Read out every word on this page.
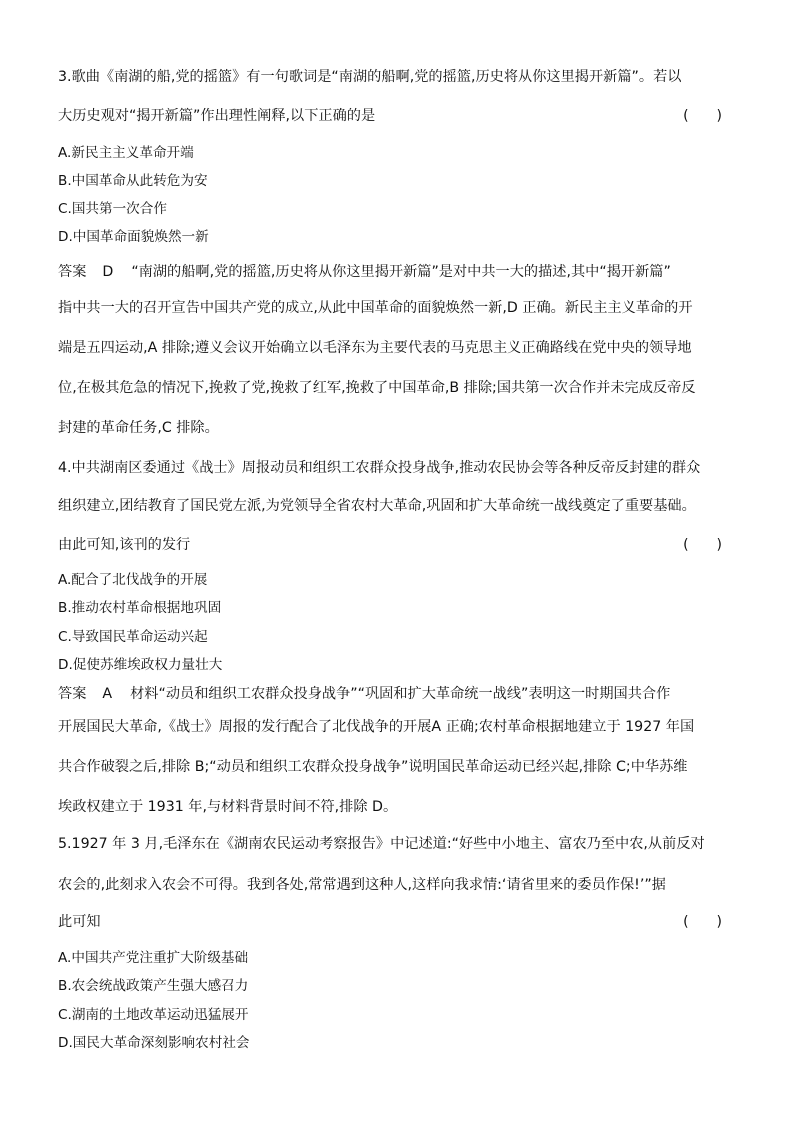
3.歌曲《南湖的船,党的摇篮》有一句歌词是“南湖的船啊,党的摇篮,历史将从你这里揭开新篇”。若以
大历史观对“揭开新篇”作出理性阐释,以下正确的是	(　　)
A.新民主主义革命开端
B.中国革命从此转危为安
C.国共第一次合作
D.中国革命面貌焕然一新
答案 D “南湖的船啊,党的摇篮,历史将从你这里揭开新篇”是对中共一大的描述,其中“揭开新篇”
指中共一大的召开宣告中国共产党的成立,从此中国革命的面貌焕然一新,D 正确。新民主主义革命的开
端是五四运动,A 排除;遵义会议开始确立以毛泽东为主要代表的马克思主义正确路线在党中央的领导地
位,在极其危急的情况下,挽救了党,挽救了红军,挽救了中国革命,B 排除;国共第一次合作并未完成反帝反
封建的革命任务,C 排除。
4.中共湖南区委通过《战士》周报动员和组织工农群众投身战争,推动农民协会等各种反帝反封建的群众
组织建立,团结教育了国民党左派,为党领导全省农村大革命,巩固和扩大革命统一战线奠定了重要基础。
由此可知,该刊的发行	(　　)
A.配合了北伐战争的开展
B.推动农村革命根据地巩固
C.导致国民革命运动兴起
D.促使苏维埃政权力量壮大
答案 A 材料“动员和组织工农群众投身战争”“巩固和扩大革命统一战线”表明这一时期国共合作
开展国民大革命,《战士》周报的发行配合了北伐战争的开展A 正确;农村革命根据地建立于 1927 年国
共合作破裂之后,排除 B;“动员和组织工农群众投身战争”说明国民革命运动已经兴起,排除 C;中华苏维
埃政权建立于 1931 年,与材料背景时间不符,排除 D。
5.1927 年 3 月,毛泽东在《湖南农民运动考察报告》中记述道:“好些中小地主、富农乃至中农,从前反对
农会的,此刻求入农会不可得。我到各处,常常遇到这种人,这样向我求情:‘请省里来的委员作保!’”据
此可知	(　　)
A.中国共产党注重扩大阶级基础
B.农会统战政策产生强大感召力
C.湖南的土地改革运动迅猛展开
D.国民大革命深刻影响农村社会
